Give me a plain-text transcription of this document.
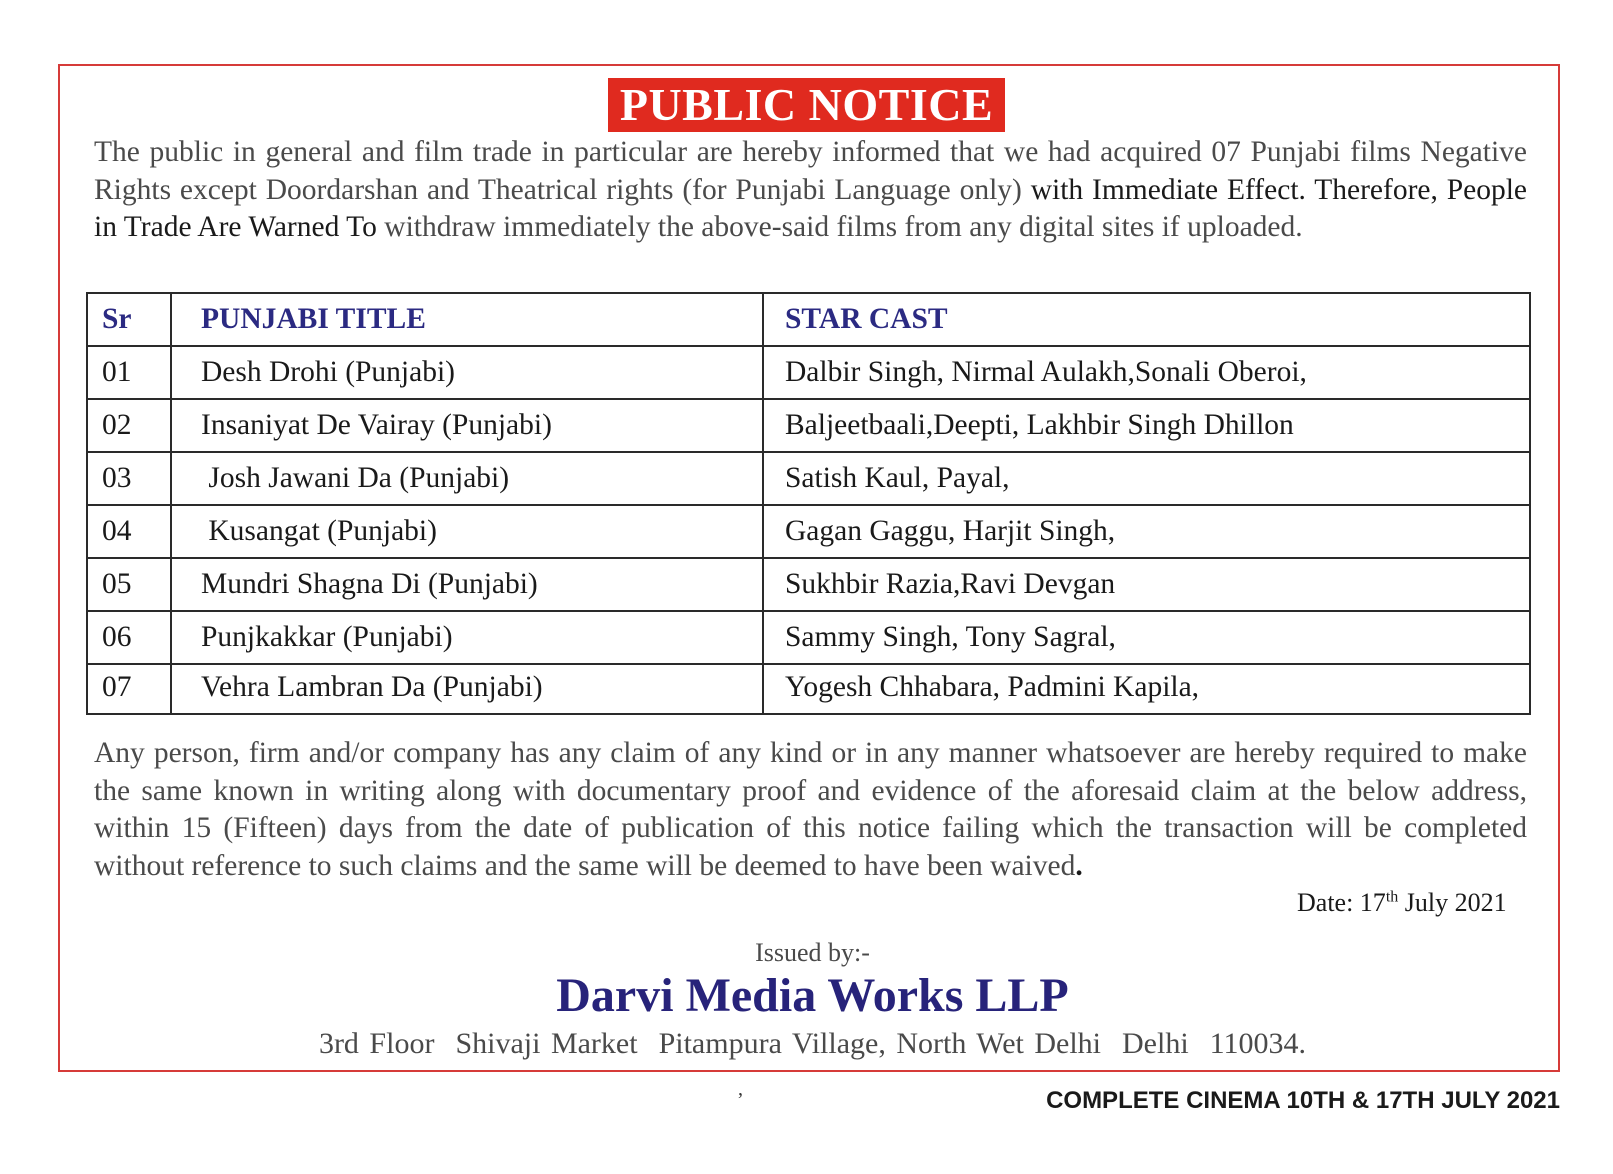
PUBLIC NOTICE
The public in general and film trade in particular are hereby informed that we had acquired 07 Punjabi films Negative Rights except Doordarshan and Theatrical rights (for Punjabi Language only) with Immediate Effect. Therefore, People in Trade Are Warned To withdraw immediately the above-said films from any digital sites if uploaded.
Sr	PUNJABI TITLE	STAR CAST
01	Desh Drohi (Punjabi)	Dalbir Singh, Nirmal Aulakh,Sonali Oberoi,
02	Insaniyat De Vairay (Punjabi)	Baljeetbaali,Deepti, Lakhbir Singh Dhillon
03	Josh Jawani Da (Punjabi)	Satish Kaul, Payal,
04	Kusangat (Punjabi)	Gagan Gaggu, Harjit Singh,
05	Mundri Shagna Di (Punjabi)	Sukhbir Razia,Ravi Devgan
06	Punjkakkar (Punjabi)	Sammy Singh, Tony Sagral,
07	Vehra Lambran Da (Punjabi)	Yogesh Chhabara, Padmini Kapila,
Any person, firm and/or company has any claim of any kind or in any manner whatsoever are hereby required to make the same known in writing along with documentary proof and evidence of the aforesaid claim at the below address, within 15 (Fifteen) days from the date of publication of this notice failing which the transaction will be completed without reference to such claims and the same will be deemed to have been waived.
Date: 17th July 2021
Issued by:-
Darvi Media Works LLP
3rd Floor  Shivaji Market  Pitampura Village, North Wet Delhi  Delhi  110034.
,	COMPLETE CINEMA 10TH & 17TH JULY 2021
